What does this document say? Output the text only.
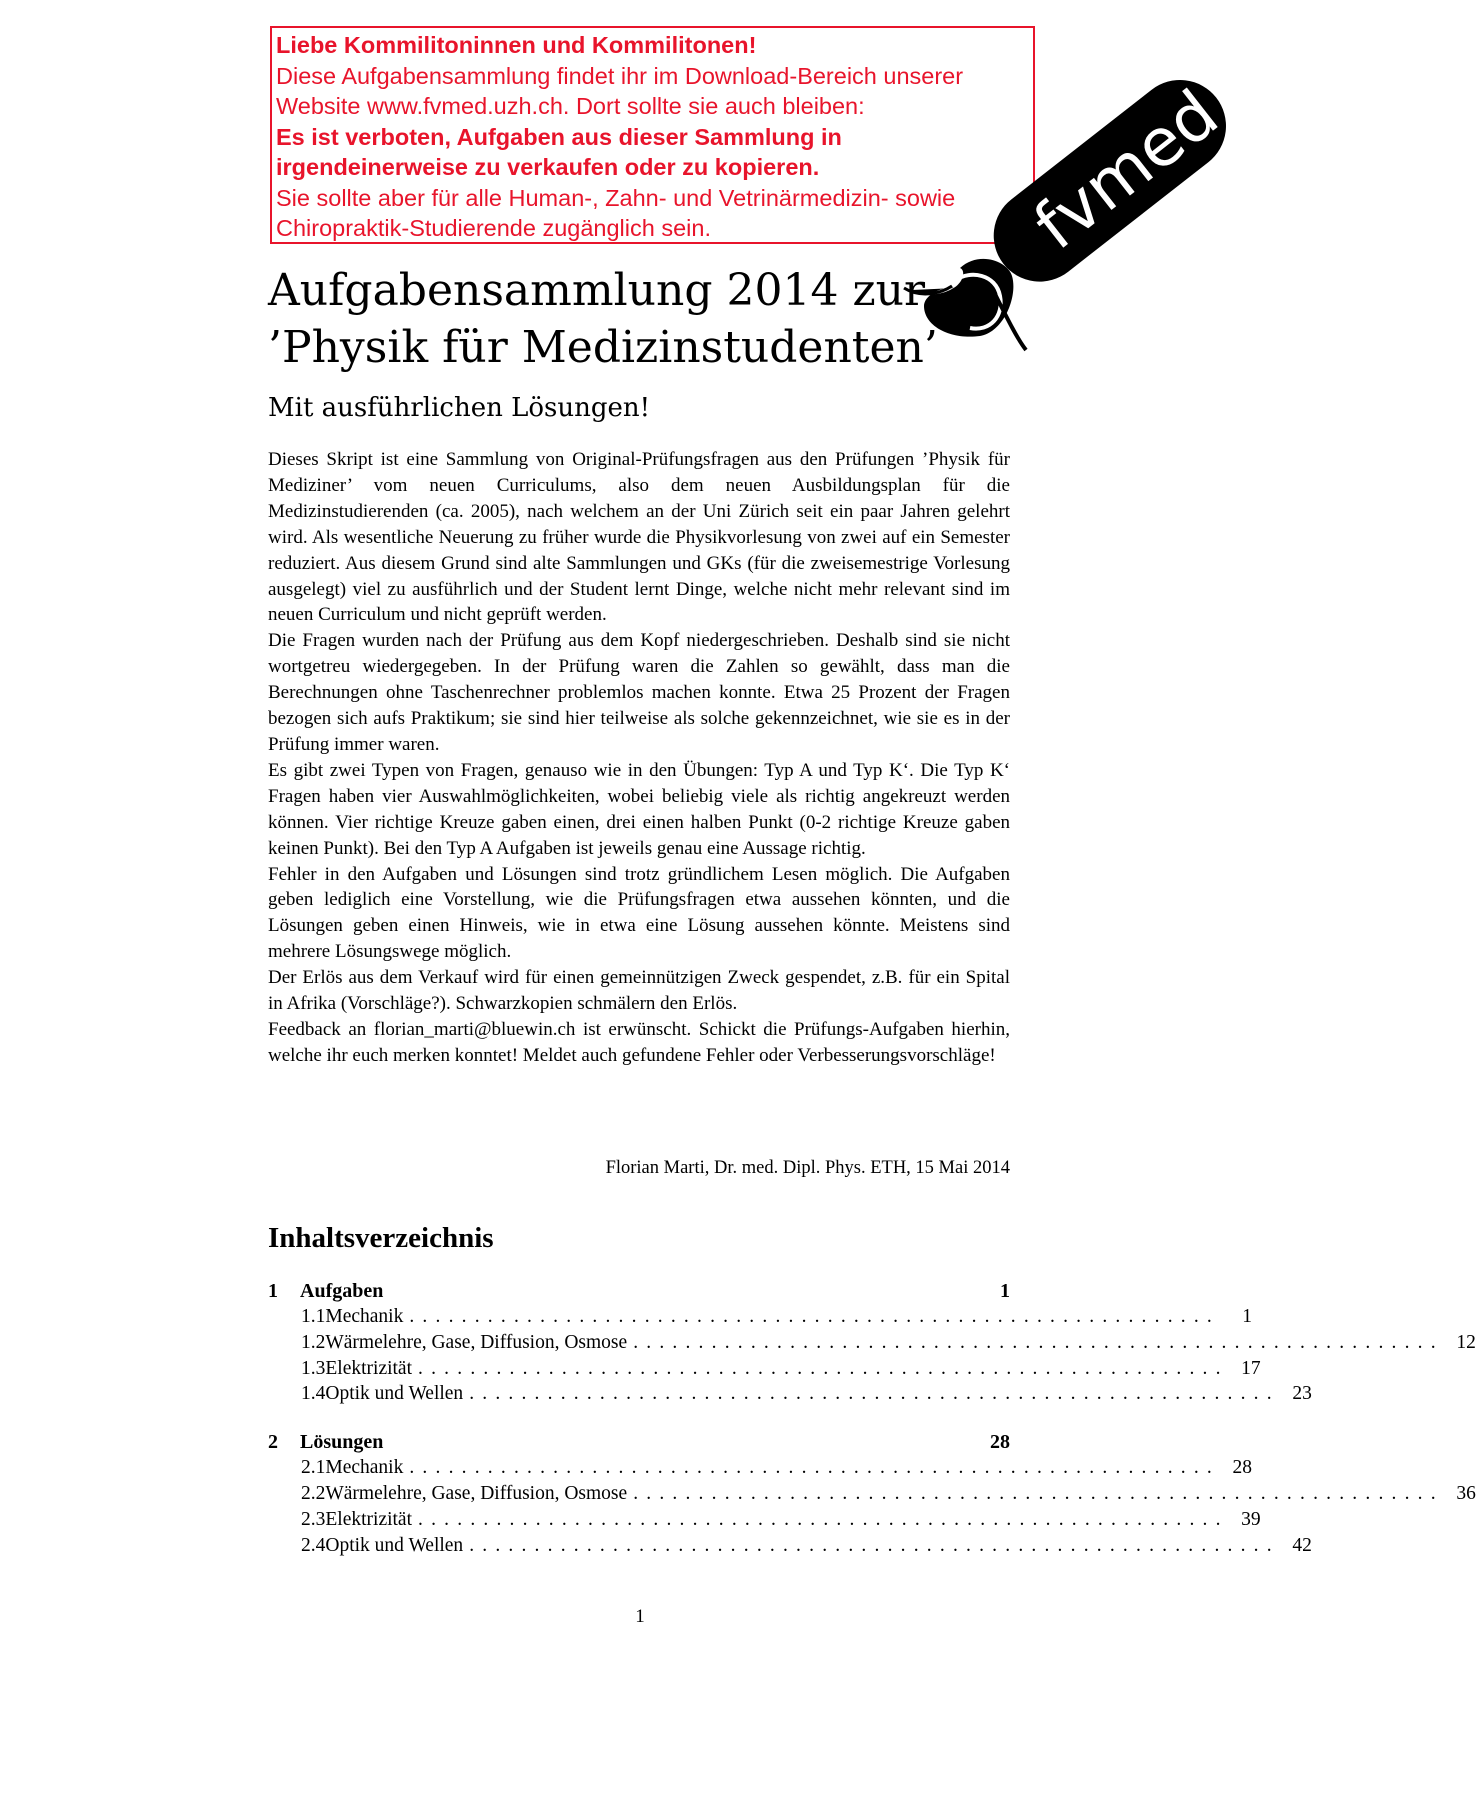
Liebe Kommilitoninnen und Kommilitonen!
Diese Aufgabensammlung findet ihr im Download-Bereich unserer
Website www.fvmed.uzh.ch. Dort sollte sie auch bleiben:
Es ist verboten, Aufgaben aus dieser Sammlung in
irgendeinerweise zu verkaufen oder zu kopieren.
Sie sollte aber für alle Human-, Zahn- und Vetrinärmedizin- sowie
Chiropraktik-Studierende zugänglich sein.	fvmed
Aufgabensammlung 2014 zur
’Physik für Medizinstudenten’
Mit ausführlichen Lösungen!

Dieses Skript ist eine Sammlung von Original-Prüfungsfragen aus den Prüfungen ’Physik für Mediziner’ vom neuen Curriculums, also dem neuen Ausbildungsplan für die Medizinstudierenden (ca. 2005), nach welchem an der Uni Zürich seit ein paar Jahren gelehrt wird. Als wesentliche Neuerung zu früher wurde die Physikvorlesung von zwei auf ein Semester reduziert. Aus diesem Grund sind alte Sammlungen und GKs (für die zweisemestrige Vorlesung ausgelegt) viel zu ausführlich und der Student lernt Dinge, welche nicht mehr relevant sind im neuen Curriculum und nicht geprüft werden.

Die Fragen wurden nach der Prüfung aus dem Kopf niedergeschrieben. Deshalb sind sie nicht wortgetreu wiedergegeben. In der Prüfung waren die Zahlen so gewählt, dass man die Berechnungen ohne Taschenrechner problemlos machen konnte. Etwa 25 Prozent der Fragen bezogen sich aufs Praktikum; sie sind hier teilweise als solche gekennzeichnet, wie sie es in der Prüfung immer waren.

Es gibt zwei Typen von Fragen, genauso wie in den Übungen: Typ A und Typ K‘. Die Typ K‘ Fragen haben vier Auswahlmöglichkeiten, wobei beliebig viele als richtig angekreuzt werden können. Vier richtige Kreuze gaben einen, drei einen halben Punkt (0-2 richtige Kreuze gaben keinen Punkt). Bei den Typ A Aufgaben ist jeweils genau eine Aussage richtig.

Fehler in den Aufgaben und Lösungen sind trotz gründlichem Lesen möglich. Die Aufgaben geben lediglich eine Vorstellung, wie die Prüfungsfragen etwa aussehen könnten, und die Lösungen geben einen Hinweis, wie in etwa eine Lösung aussehen könnte. Meistens sind mehrere Lösungswege möglich.

Der Erlös aus dem Verkauf wird für einen gemeinnützigen Zweck gespendet, z.B. für ein Spital in Afrika (Vorschläge?). Schwarzkopien schmälern den Erlös.

Feedback an florian_marti@bluewin.ch ist erwünscht. Schickt die Prüfungs-Aufgaben hierhin, welche ihr euch merken konntet! Meldet auch gefundene Fehler oder Verbesserungsvorschläge!

Florian Marti, Dr. med. Dipl. Phys. ETH, 15 Mai 2014
Inhaltsverzeichnis
1	Aufgaben	1
1.1 Mechanik ..............................................................	1
1.2 Wärmelehre, Gase, Diffusion, Osmose .............................................................. 12
1.3 Elektrizität .............................................................. 17
1.4 Optik und Wellen .............................................................. 23
2	Lösungen	28
2.1 Mechanik .............................................................. 28
2.2 Wärmelehre, Gase, Diffusion, Osmose .............................................................. 36
2.3 Elektrizität .............................................................. 39
2.4 Optik und Wellen .............................................................. 42
1
